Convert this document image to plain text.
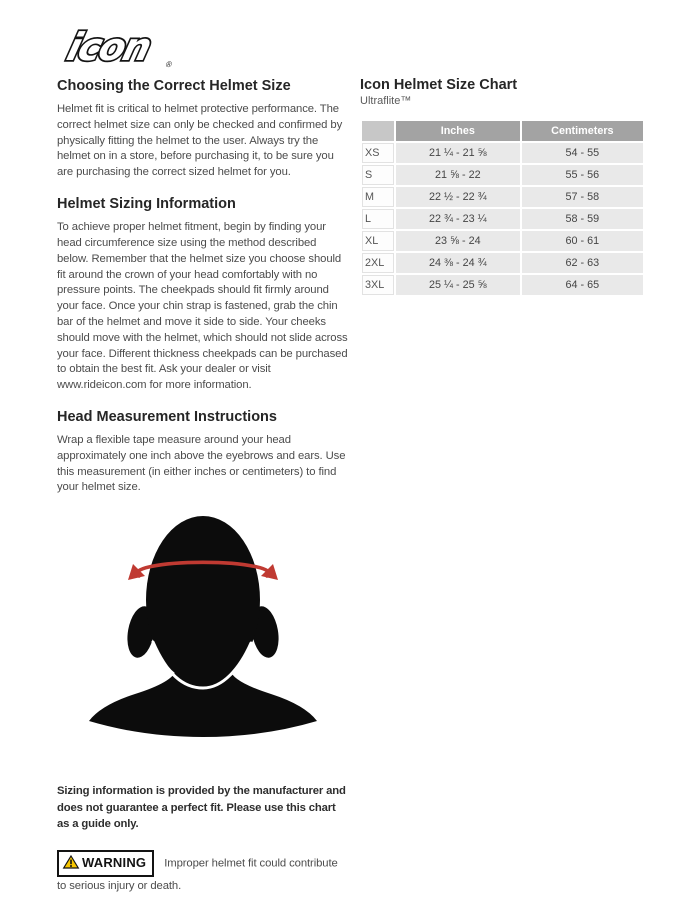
icon ®
Choosing the Correct Helmet Size

Helmet fit is critical to helmet protective performance. The correct helmet size can only be checked and confirmed by physically fitting the helmet to the user. Always try the helmet on in a store, before purchasing it, to be sure you are purchasing the correct sized helmet for you.

Helmet Sizing Information

To achieve proper helmet fitment, begin by finding your head circumference size using the method described below. Remember that the helmet size you choose should fit around the crown of your head comfortably with no pressure points. The cheekpads should fit firmly around your face. Once your chin strap is fastened, grab the chin bar of the helmet and move it side to side. Your cheeks should move with the helmet, which should not slide across your face. Different thickness cheekpads can be purchased to obtain the best fit. Ask your dealer or visit www.rideicon.com for more information.

Head Measurement Instructions

Wrap a flexible tape measure around your head approximately one inch above the eyebrows and ears. Use this measurement (in either inches or centimeters) to find your helmet size.

Sizing information is provided by the manufacturer and does not guarantee a perfect fit. Please use this chart as a guide only.

WARNING Improper helmet fit could contribute to serious injury or death.

Icon Helmet Size Chart
Ultraflite™
	Inches	Centimeters
XS	21 ¼ - 21 ⅝	54 - 55
S	21 ⅝ - 22	55 - 56
M	22 ½ - 22 ¾	57 - 58
L	22 ¾ - 23 ¼	58 - 59
XL	23 ⅝ - 24	60 - 61
2XL	24 ⅜ - 24 ¾	62 - 63
3XL	25 ¼ - 25 ⅝	64 - 65
